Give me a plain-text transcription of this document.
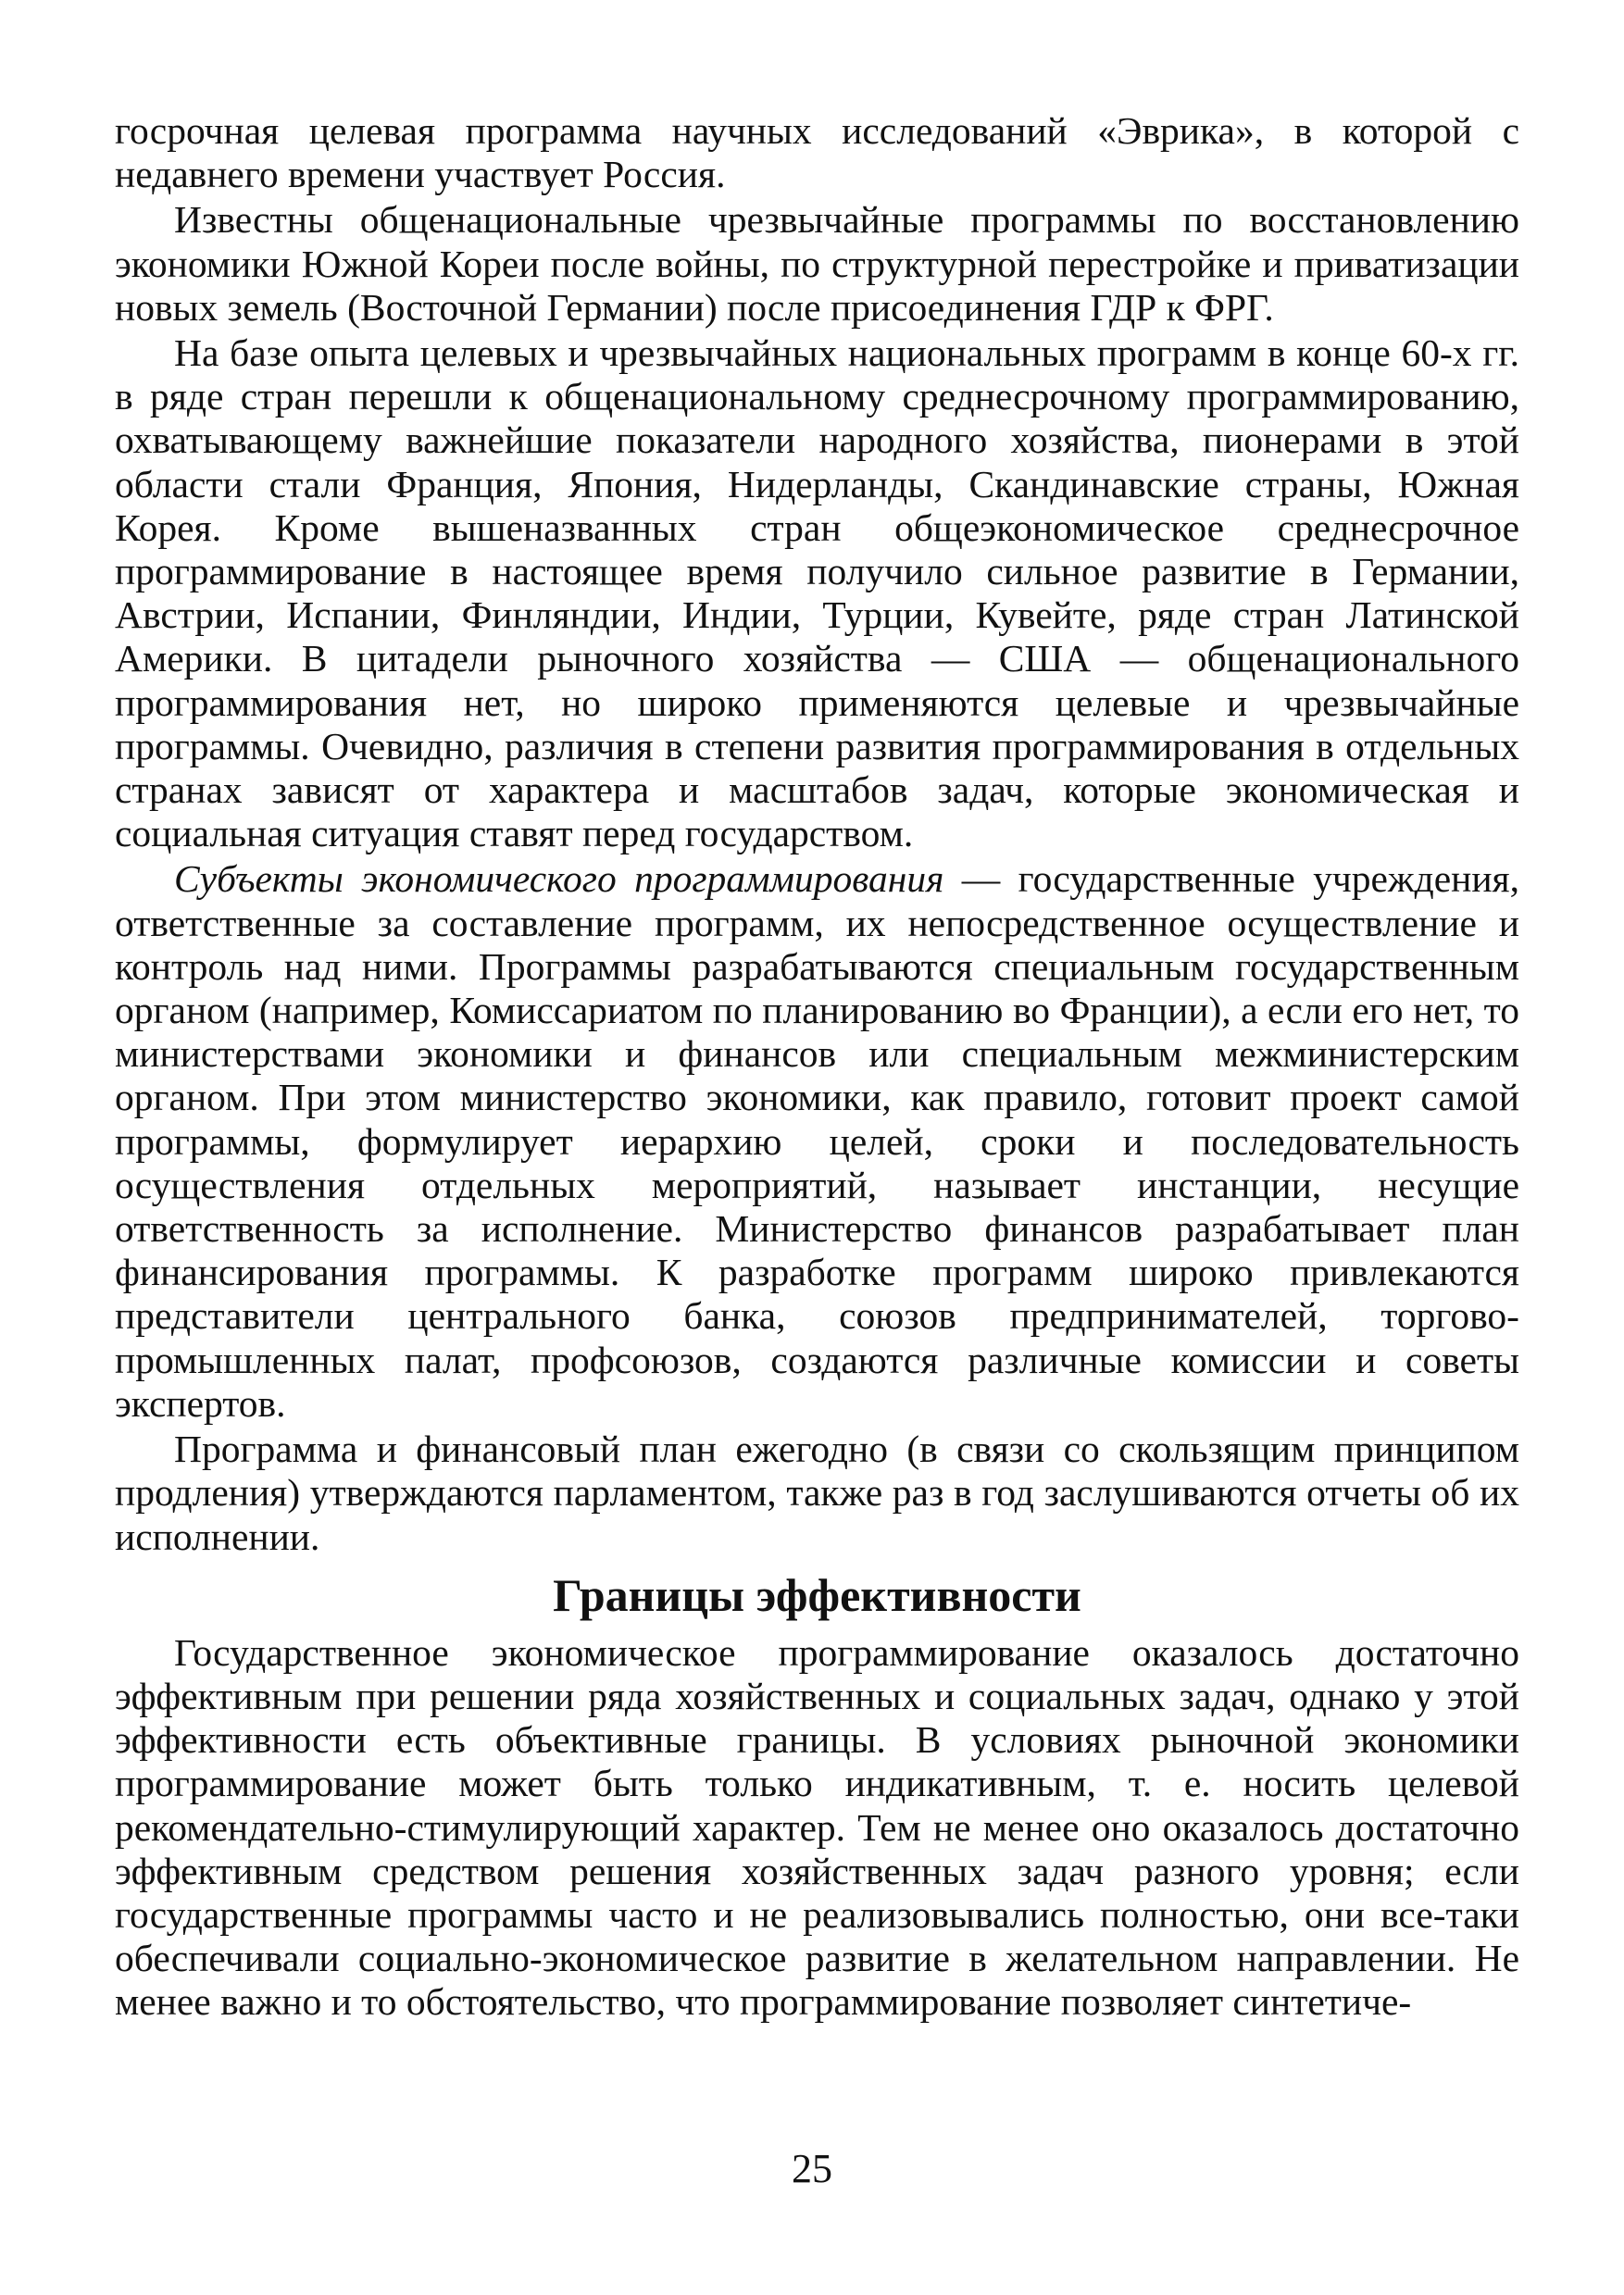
госрочная целевая программа научных исследований «Эврика», в которой с недавнего времени участвует Россия.

Известны общенациональные чрезвычайные программы по восстановлению экономики Южной Кореи после войны, по структурной перестройке и приватизации новых земель (Восточной Германии) после присоединения ГДР к ФРГ.

На базе опыта целевых и чрезвычайных национальных программ в конце 60-х гг. в ряде стран перешли к общенациональному среднесрочному программированию, охватывающему важнейшие показатели народного хозяйства, пионерами в этой области стали Франция, Япония, Нидерланды, Скандинавские страны, Южная Корея. Кроме вышеназванных стран общеэкономическое среднесрочное программирование в настоящее время получило сильное развитие в Германии, Австрии, Испании, Финляндии, Индии, Турции, Кувейте, ряде стран Латинской Америки. В цитадели рыночного хозяйства — США — общенационального программирования нет, но широко применяются целевые и чрезвычайные программы. Очевидно, различия в степени развития программирования в отдельных странах зависят от характера и масштабов задач, которые экономическая и социальная ситуация ставят перед государством.

Субъекты экономического программирования — государственные учреждения, ответственные за составление программ, их непосредственное осуществление и контроль над ними. Программы разрабатываются специальным государственным органом (например, Комиссариатом по планированию во Франции), а если его нет, то министерствами экономики и финансов или специальным межминистерским органом. При этом министерство экономики, как правило, готовит проект самой программы, формулирует иерархию целей, сроки и последовательность осуществления отдельных мероприятий, называет инстанции, несущие ответственность за исполнение. Министерство финансов разрабатывает план финансирования программы. К разработке программ широко привлекаются представители центрального банка, союзов предпринимателей, торгово-промышленных палат, профсоюзов, создаются различные комиссии и советы экспертов.

Программа и финансовый план ежегодно (в связи со скользящим принципом продления) утверждаются парламентом, также раз в год заслушиваются отчеты об их исполнении.

Границы эффективности

Государственное экономическое программирование оказалось достаточно эффективным при решении ряда хозяйственных и социальных задач, однако у этой эффективности есть объективные границы. В условиях рыночной экономики программирование может быть только индикативным, т. е. носить целевой рекомендательно-стимулирующий характер. Тем не менее оно оказалось достаточно эффективным средством решения хозяйственных задач разного уровня; если государственные программы часто и не реализовывались полностью, они все-таки обеспечивали социально-экономическое развитие в желательном направлении. Не менее важно и то обстоятельство, что программирование позволяет синтетиче-

25
